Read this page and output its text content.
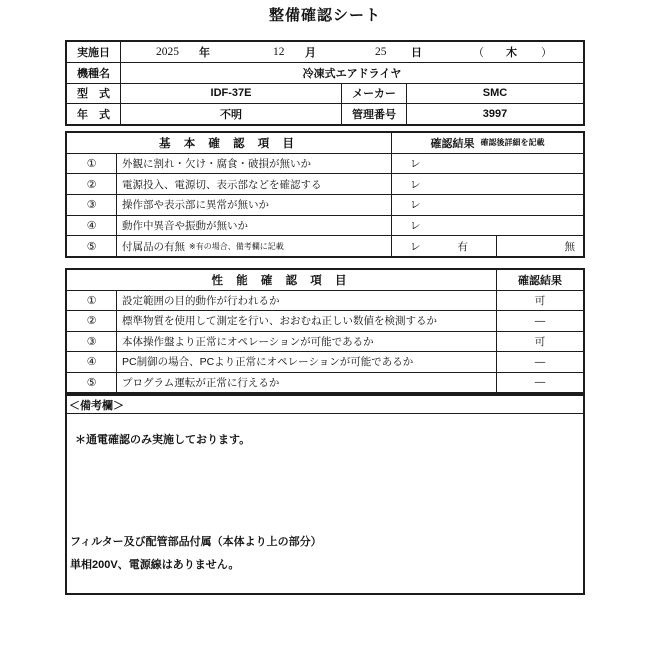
整備確認シート
実施日	2025 年	12 月	25 日	（ 木 ）
機種名	冷凍式エアドライヤ
型　式	IDF-37E	メーカー	SMC
年　式	不明	管理番号	3997
基 本 確 認 項 目	確認結果 確認後詳細を記載
①	外観に割れ・欠け・腐食・破損が無いか	レ
②	電源投入、電源切、表示部などを確認する	レ
③	操作部や表示部に異常が無いか	レ
④	動作中異音や振動が無いか	レ
⑤	付属品の有無 ※有の場合、備考欄に記載	レ	有	無
性 能 確 認 項 目	確認結果
①	設定範囲の目的動作が行われるか	可
②	標準物質を使用して測定を行い、おおむね正しい数値を検測するか	―
③	本体操作盤より正常にオペレーションが可能であるか	可
④	PC制御の場合、PCより正常にオペレーションが可能であるか	―
⑤	プログラム運転が正常に行えるか	―
＜備考欄＞
＊通電確認のみ実施しております。
フィルター及び配管部品付属（本体より上の部分）
単相200V、電源線はありません。
